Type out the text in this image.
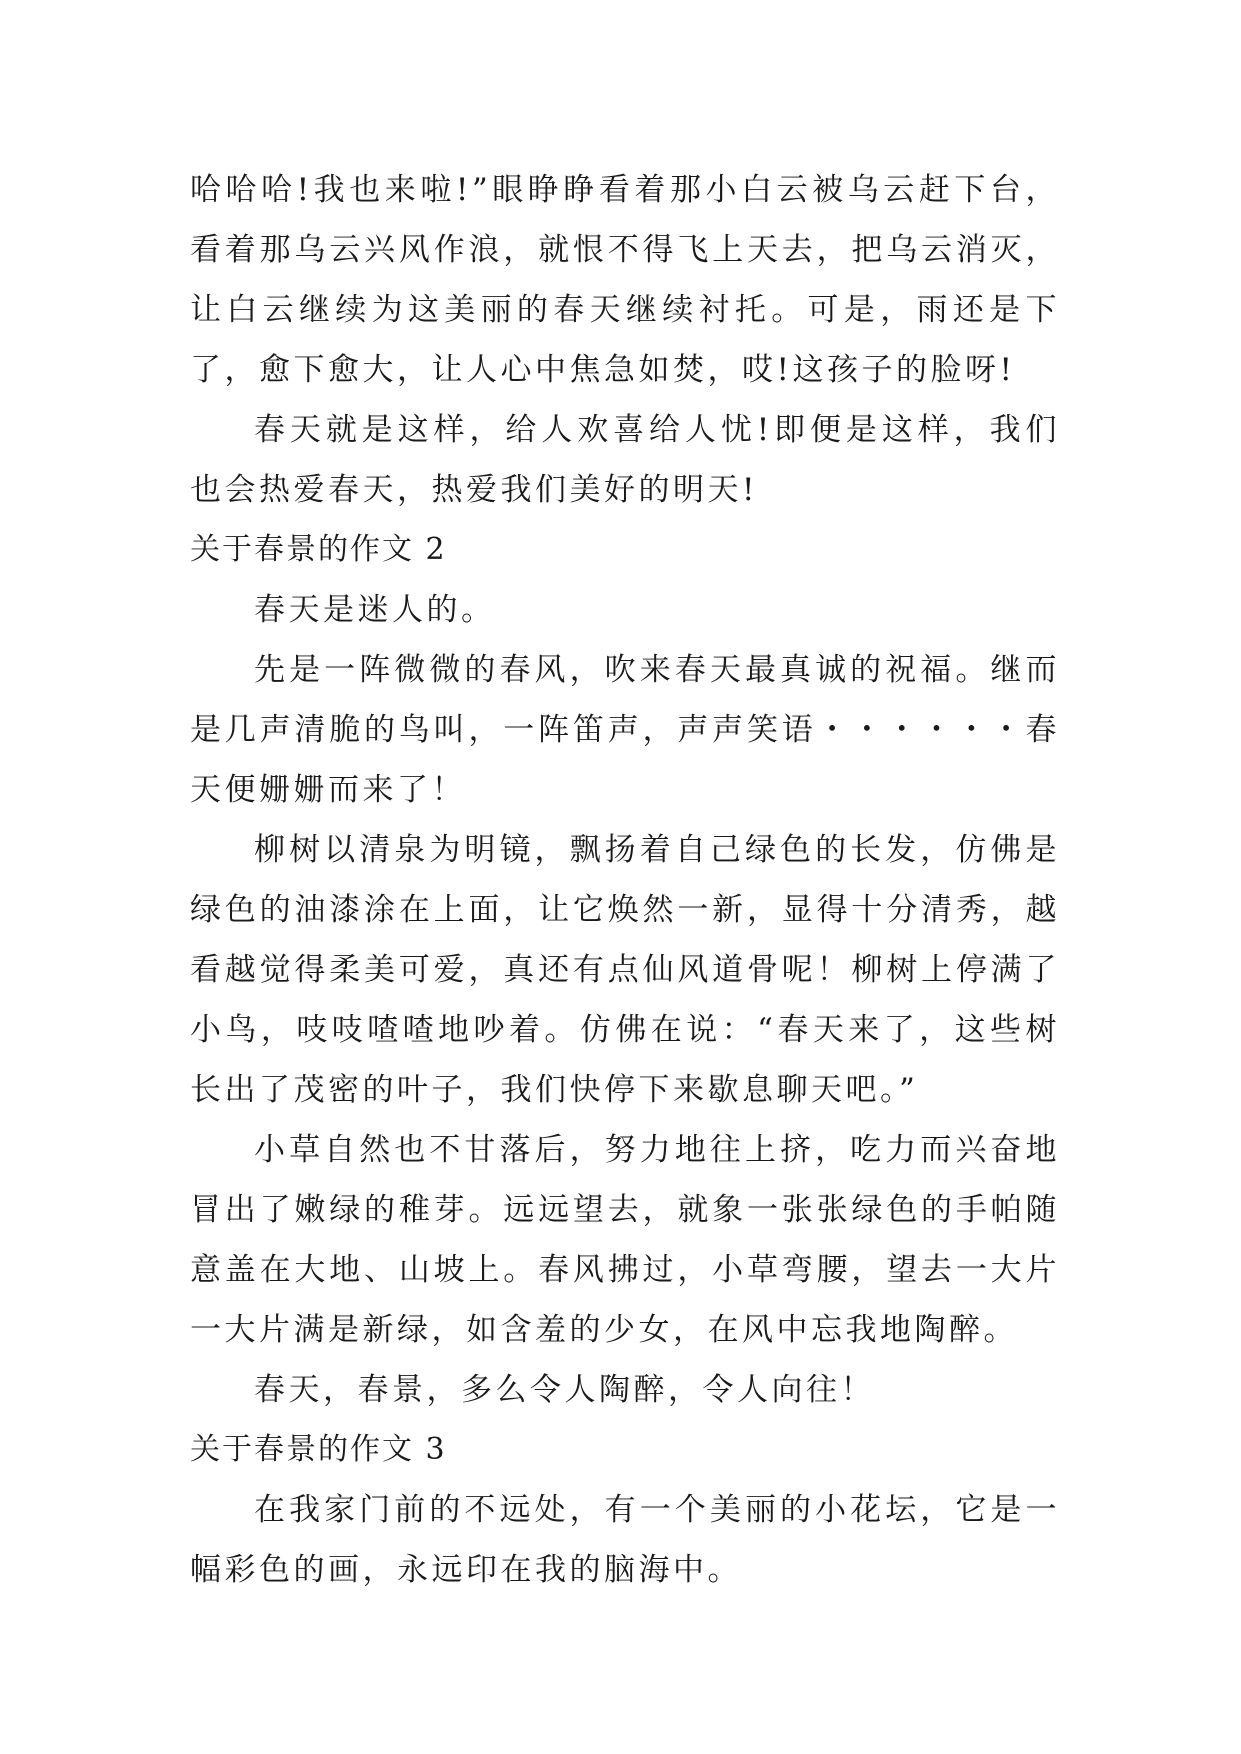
哈哈哈!我也来啦!”眼睁睁看着那小白云被乌云赶下台，看着那乌云兴风作浪，就恨不得飞上天去，把乌云消灭，让白云继续为这美丽的春天继续衬托。可是，雨还是下了，愈下愈大，让人心中焦急如焚，哎!这孩子的脸呀!

春天就是这样，给人欢喜给人忧!即便是这样，我们也会热爱春天，热爱我们美好的明天!

关于春景的作文 2

春天是迷人的。

先是一阵微微的春风，吹来春天最真诚的祝福。继而是几声清脆的鸟叫，一阵笛声，声声笑语・・・・・・春天便姗姗而来了！

柳树以清泉为明镜，飘扬着自己绿色的长发，仿佛是绿色的油漆涂在上面，让它焕然一新，显得十分清秀，越看越觉得柔美可爱，真还有点仙风道骨呢！柳树上停满了小鸟，吱吱喳喳地吵着。仿佛在说：“春天来了，这些树长出了茂密的叶子，我们快停下来歇息聊天吧。”

小草自然也不甘落后，努力地往上挤，吃力而兴奋地冒出了嫩绿的稚芽。远远望去，就象一张张绿色的手帕随意盖在大地、山坡上。春风拂过，小草弯腰，望去一大片一大片满是新绿，如含羞的少女，在风中忘我地陶醉。

春天，春景，多么令人陶醉，令人向往！

关于春景的作文 3

在我家门前的不远处，有一个美丽的小花坛，它是一幅彩色的画，永远印在我的脑海中。
